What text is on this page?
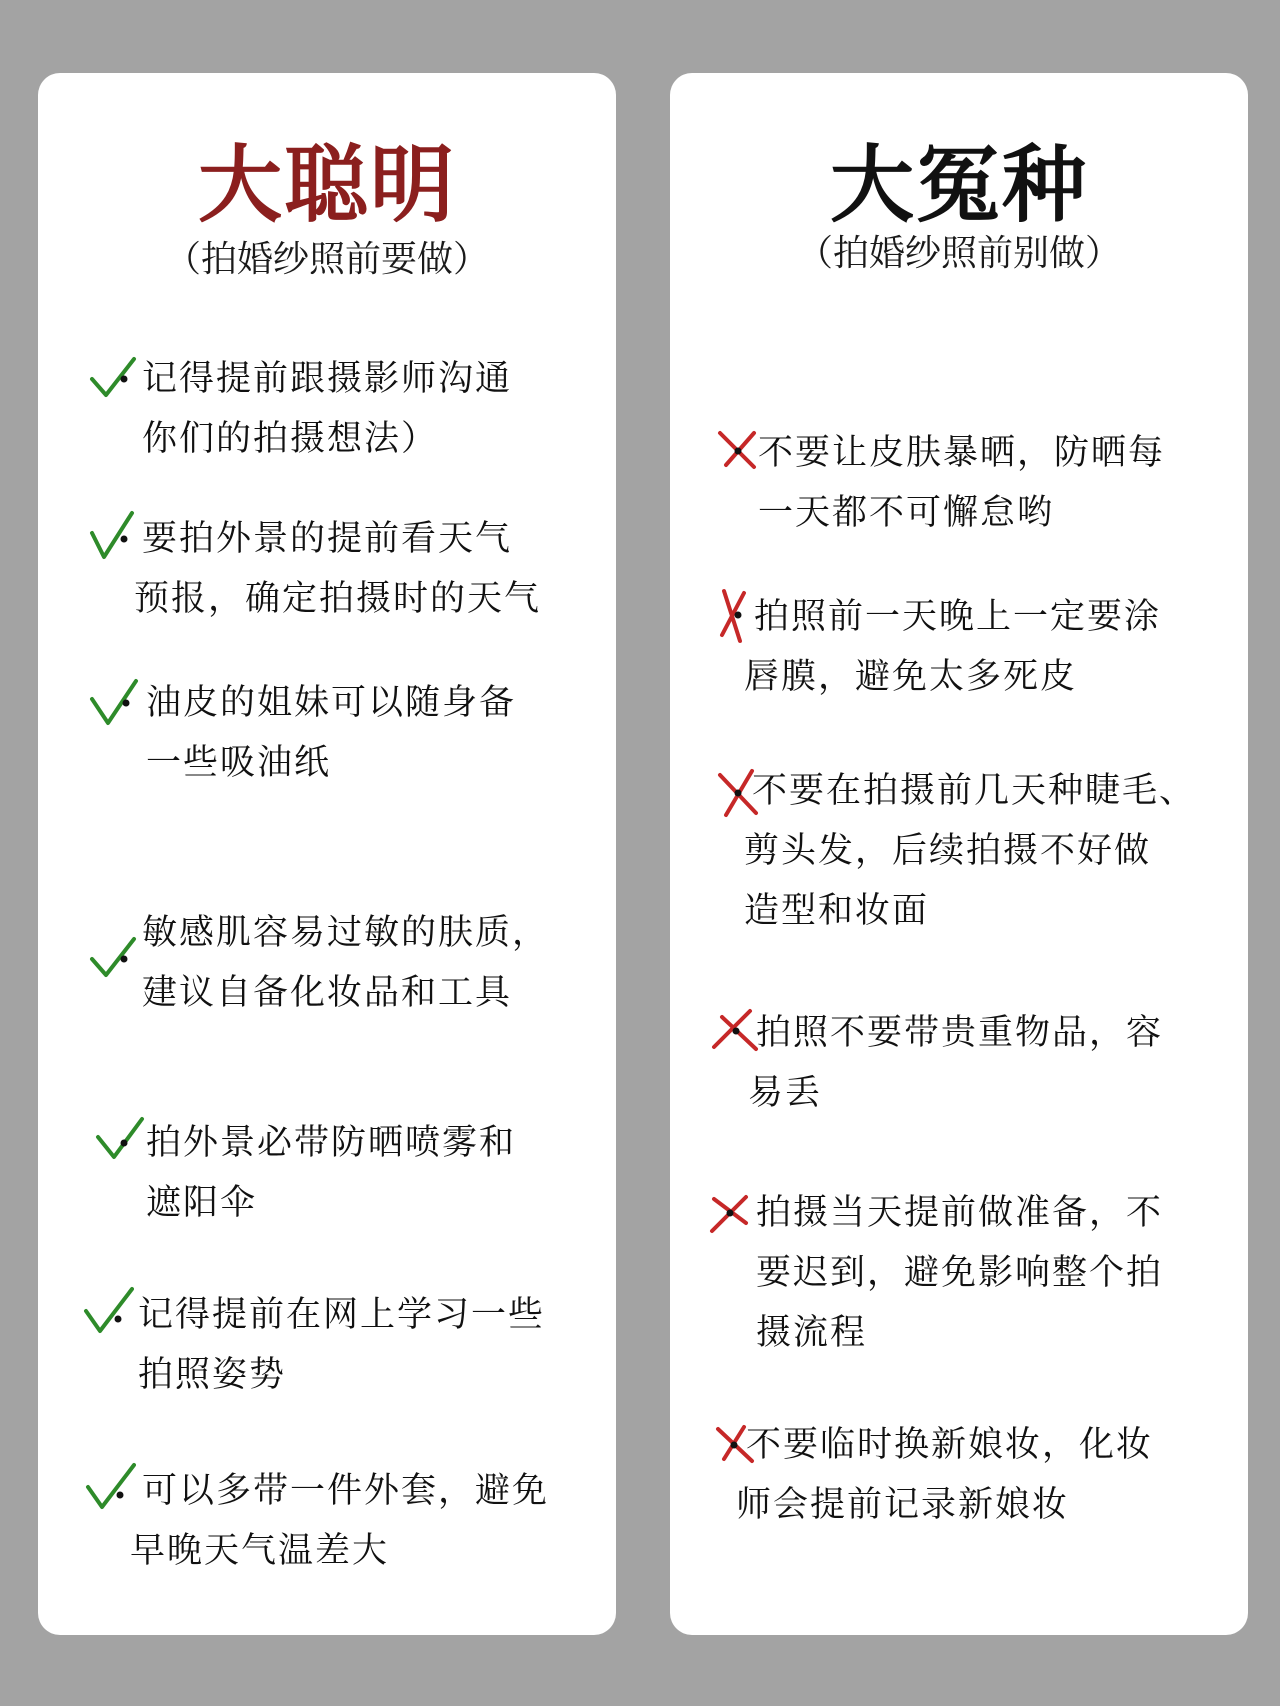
大聪明
（拍婚纱照前要做）
记得提前跟摄影师沟通
你们的拍摄想法）
要拍外景的提前看天气
预报，确定拍摄时的天气
油皮的姐妹可以随身备
一些吸油纸
敏感肌容易过敏的肤质，
建议自备化妆品和工具
拍外景必带防晒喷雾和
遮阳伞
记得提前在网上学习一些
拍照姿势
可以多带一件外套，避免
早晚天气温差大
大冤种
（拍婚纱照前别做）
不要让皮肤暴晒，防晒每
一天都不可懈怠哟
拍照前一天晚上一定要涂
唇膜，避免太多死皮
不要在拍摄前几天种睫毛、
剪头发，后续拍摄不好做
造型和妆面
拍照不要带贵重物品，容
易丢
拍摄当天提前做准备，不
要迟到，避免影响整个拍
摄流程
不要临时换新娘妆，化妆
师会提前记录新娘妆
